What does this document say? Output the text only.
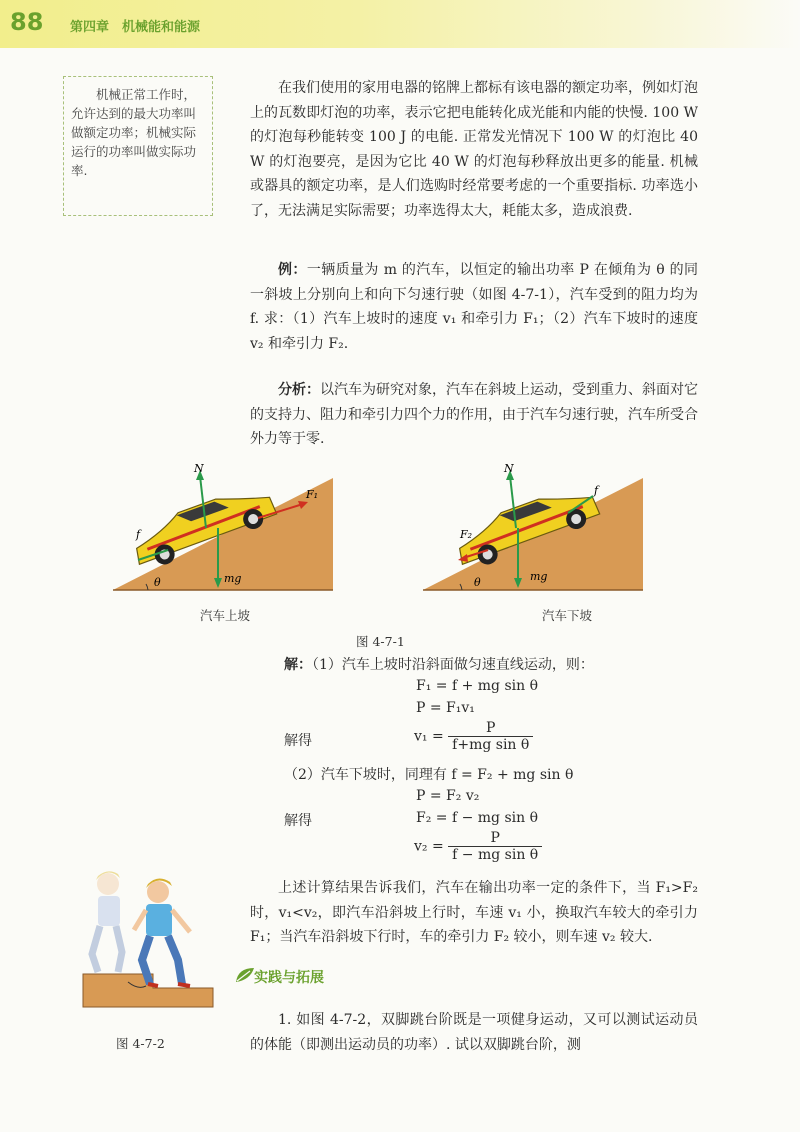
88 第四章　机械能和能源
机械正常工作时，允许达到的最大功率叫做额定功率；机械实际运行的功率叫做实际功率.
在我们使用的家用电器的铭牌上都标有该电器的额定功率，例如灯泡上的瓦数即灯泡的功率，表示它把电能转化成光能和内能的快慢. 100 W 的灯泡每秒能转变 100 J 的电能. 正常发光情况下 100 W 的灯泡比 40 W 的灯泡要亮，是因为它比 40 W 的灯泡每秒释放出更多的能量. 机械或器具的额定功率，是人们选购时经常要考虑的一个重要指标. 功率选小了，无法满足实际需要；功率选得太大，耗能太多，造成浪费.
例：一辆质量为 m 的汽车，以恒定的输出功率 P 在倾角为 θ 的同一斜坡上分别向上和向下匀速行驶（如图 4-7-1），汽车受到的阻力均为 f. 求：（1）汽车上坡时的速度 v₁ 和牵引力 F₁；（2）汽车下坡时的速度 v₂ 和牵引力 F₂.
分析：以汽车为研究对象，汽车在斜坡上运动，受到重力、斜面对它的支持力、阻力和牵引力四个力的作用，由于汽车匀速行驶，汽车所受合外力等于零.
N
F₁
f
mg
θ
N
f
F₂
mg
θ
汽车上坡	汽车下坡
图 4-7-1
解：（1）汽车上坡时沿斜面做匀速直线运动，则：
F₁ = f + mg sin θ
P = F₁v₁
解得	$v_1 = \frac{P}{\text{f+mg sin θ}}$
（2）汽车下坡时，同理有 f = F₂ + mg sin θ
P = F₂ v₂
解得	F₂ = f − mg sin θ
$v_2 = \frac{P}{\text{f − mg sin θ}}$
图 4-7-2
上述计算结果告诉我们，汽车在输出功率一定的条件下，当 F₁>F₂ 时，v₁<v₂，即汽车沿斜坡上行时，车速 v₁ 小，换取汽车较大的牵引力 F₁；当汽车沿斜坡下行时，车的牵引力 F₂ 较小，则车速 v₂ 较大.
实践与拓展
1. 如图 4-7-2，双脚跳台阶既是一项健身运动，又可以测试运动员的体能（即测出运动员的功率）. 试以双脚跳台阶，测
